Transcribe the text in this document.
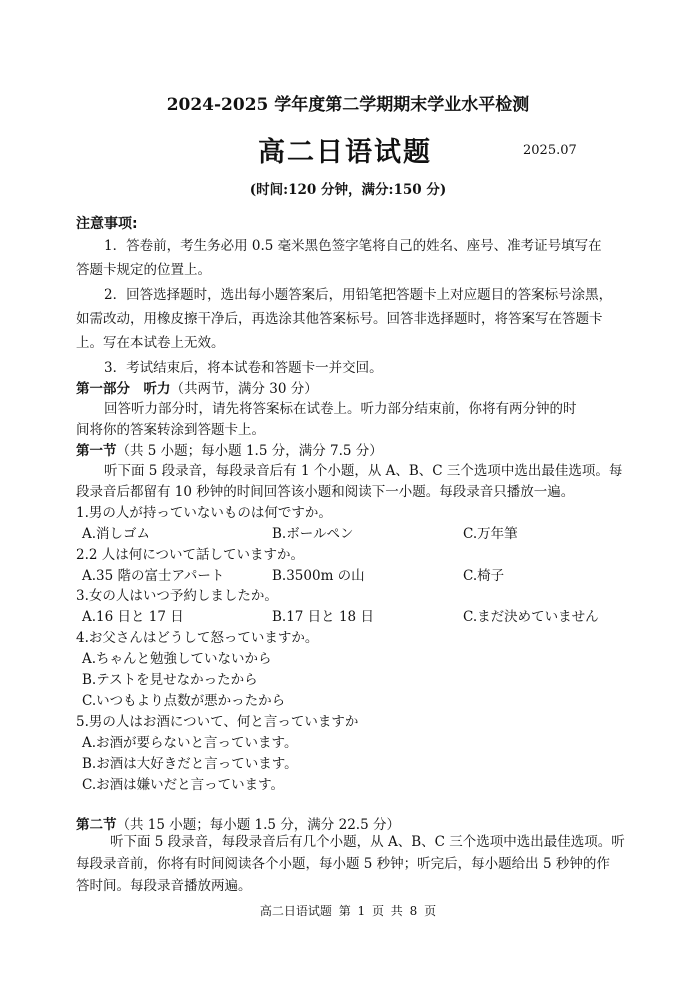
2024-2025 学年度第二学期期末学业水平检测
高二日语试题	2025.07
(时间:120 分钟，满分:150 分)
注意事项:
1．答卷前，考生务必用 0.5 毫米黑色签字笔将自己的姓名、座号、准考证号填写在
答题卡规定的位置上。
2．回答选择题时，选出每小题答案后，用铅笔把答题卡上对应题目的答案标号涂黑，
如需改动，用橡皮擦干净后，再选涂其他答案标号。回答非选择题时，将答案写在答题卡
上。写在本试卷上无效。
3．考试结束后，将本试卷和答题卡一并交回。
第一部分　听力（共两节，满分 30 分）
回答听力部分时，请先将答案标在试卷上。听力部分结束前，你将有两分钟的时
间将你的答案转涂到答题卡上。
第一节（共 5 小题；每小题 1.5 分，满分 7.5 分）
听下面 5 段录音，每段录音后有 1 个小题，从 A、B、C 三个选项中选出最佳选项。每
段录音后都留有 10 秒钟的时间回答该小题和阅读下一小题。每段录音只播放一遍。
1.男の人が持っていないものは何ですか。
A.消しゴム	B.ボールペン	C.万年筆
2.2 人は何について話していますか。
A.35 階の富士アパート	B.3500m の山	C.椅子
3.女の人はいつ予約しましたか。
A.16 日と 17 日	B.17 日と 18 日	C.まだ決めていません
4.お父さんはどうして怒っていますか。
A.ちゃんと勉強していないから
B.テストを見せなかったから
C.いつもより点数が悪かったから
5.男の人はお酒について、何と言っていますか
A.お酒が要らないと言っています。
B.お酒は大好きだと言っています。
C.お酒は嫌いだと言っています。
第二节（共 15 小题；每小题 1.5 分，满分 22.5 分）
听下面 5 段录音，每段录音后有几个小题，从 A、B、C 三个选项中选出最佳选项。听
每段录音前，你将有时间阅读各个小题，每小题 5 秒钟；听完后，每小题给出 5 秒钟的作
答时间。每段录音播放两遍。
高二日语试题 第 1 页 共 8 页
